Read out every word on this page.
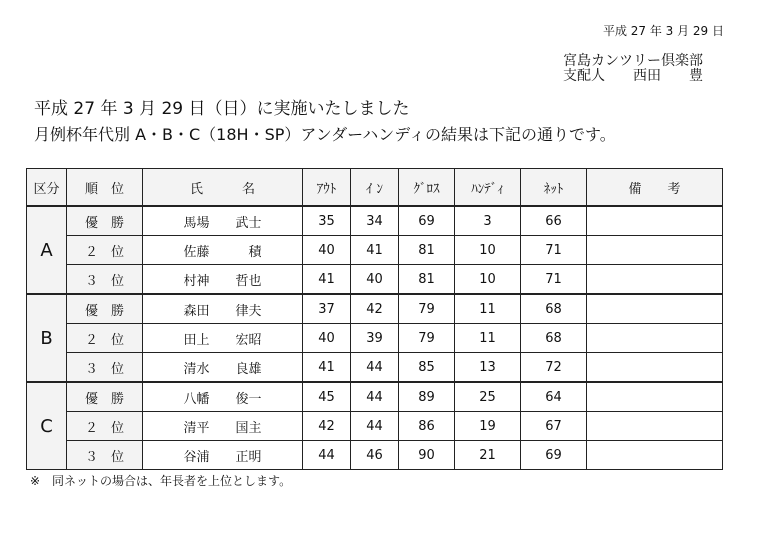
平成 27 年 3 月 29 日
宮島カンツリー倶楽部
支配人　　西田　　豊
平成 27 年 3 月 29 日（日）に実施いたしました
月例杯年代別 A・B・C（18H・SP）アンダーハンディの結果は下記の通りです。
区分	順　位	氏　　　名	ｱｳﾄ	ｲ ﾝ	ｸﾞﾛｽ	ﾊﾝﾃﾞｨ	ﾈｯﾄ	備　　考
A	優　勝	馬場　　武士	35	34	69	3	66	
	２　位	佐藤　　　積	40	41	81	10	71	
	３　位	村神　　哲也	41	40	81	10	71	
B	優　勝	森田　　律夫	37	42	79	11	68	
	２　位	田上　　宏昭	40	39	79	11	68	
	３　位	清水　　良雄	41	44	85	13	72	
C	優　勝	八幡　　俊一	45	44	89	25	64	
	２　位	清平　　国主	42	44	86	19	67	
	３　位	谷浦　　正明	44	46	90	21	69	
※　同ネットの場合は、年長者を上位とします。
